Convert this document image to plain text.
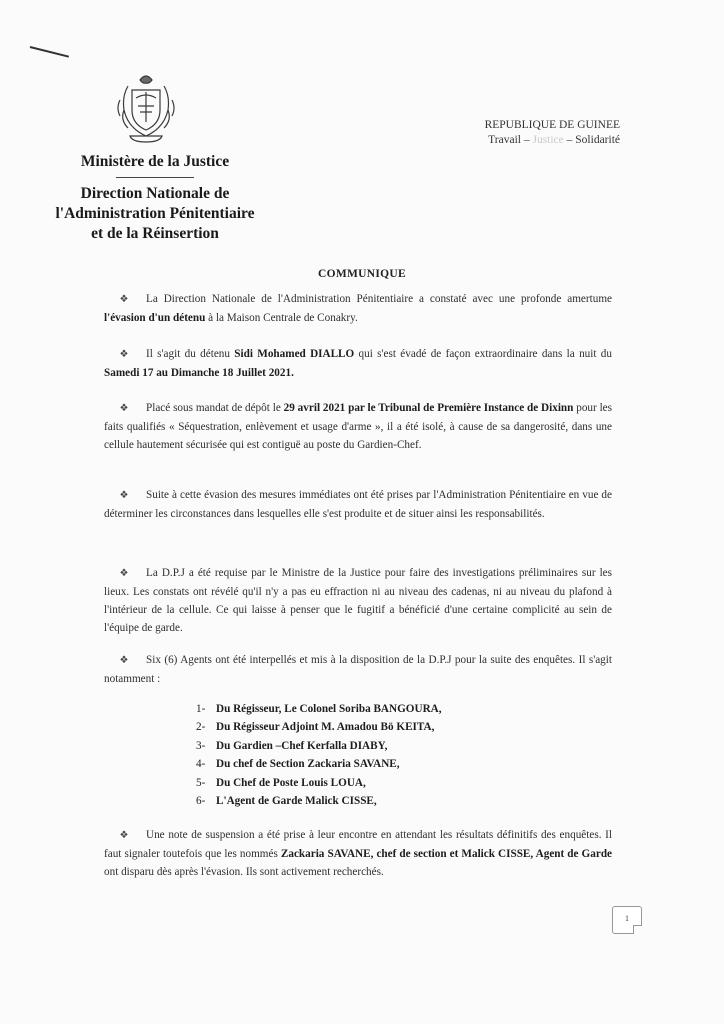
Ministère de la Justice
Direction Nationale de
l'Administration Pénitentiaire
et de la Réinsertion
REPUBLIQUE DE GUINEE
Travail – Justice – Solidarité
COMMUNIQUE
❖ La Direction Nationale de l'Administration Pénitentiaire a constaté avec une profonde amertume l'évasion d'un détenu à la Maison Centrale de Conakry.
❖ Il s'agit du détenu Sidi Mohamed DIALLO qui s'est évadé de façon extraordinaire dans la nuit du Samedi 17 au Dimanche 18 Juillet 2021.
❖ Placé sous mandat de dépôt le 29 avril 2021 par le Tribunal de Première Instance de Dixinn pour les faits qualifiés « Séquestration, enlèvement et usage d'arme », il a été isolé, à cause de sa dangerosité, dans une cellule hautement sécurisée qui est contiguë au poste du Gardien-Chef.
❖ Suite à cette évasion des mesures immédiates ont été prises par l'Administration Pénitentiaire en vue de déterminer les circonstances dans lesquelles elle s'est produite et de situer ainsi les responsabilités.
❖ La D.P.J a été requise par le Ministre de la Justice pour faire des investigations préliminaires sur les lieux. Les constats ont révélé qu'il n'y a pas eu effraction ni au niveau des cadenas, ni au niveau du plafond à l'intérieur de la cellule. Ce qui laisse à penser que le fugitif a bénéficié d'une certaine complicité au sein de l'équipe de garde.
❖ Six (6) Agents ont été interpellés et mis à la disposition de la D.P.J pour la suite des enquêtes. Il s'agit notamment :
1- Du Régisseur, Le Colonel Soriba BANGOURA,
2- Du Régisseur Adjoint M. Amadou Bö KEITA,
3- Du Gardien –Chef Kerfalla DIABY,
4- Du chef de Section Zackaria SAVANE,
5- Du Chef de Poste Louis LOUA,
6- L'Agent de Garde Malick CISSE,
❖ Une note de suspension a été prise à leur encontre en attendant les résultats définitifs des enquêtes. Il faut signaler toutefois que les nommés Zackaria SAVANE, chef de section et Malick CISSE, Agent de Garde ont disparu dès après l'évasion. Ils sont activement recherchés.
1
